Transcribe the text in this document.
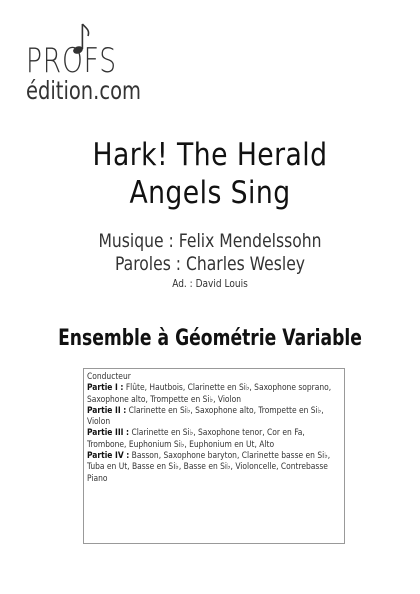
PROFS
édition.com
Hark! The Herald
Angels Sing
Musique : Felix Mendelssohn
Paroles : Charles Wesley
Ad. : David Louis
Ensemble à Géométrie Variable

Conducteur

Partie I : Flûte, Hautbois, Clarinette en Si♭, Saxophone soprano, Saxophone alto, Trompette en Si♭, Violon

Partie II : Clarinette en Si♭, Saxophone alto, Trompette en Si♭, Violon

Partie III : Clarinette en Si♭, Saxophone tenor, Cor en Fa, Trombone, Euphonium Si♭, Euphonium en Ut, Alto

Partie IV : Basson, Saxophone baryton, Clarinette basse en Si♭, Tuba en Ut, Basse en Si♭, Basse en Si♭, Violoncelle, Contrebasse

Piano
